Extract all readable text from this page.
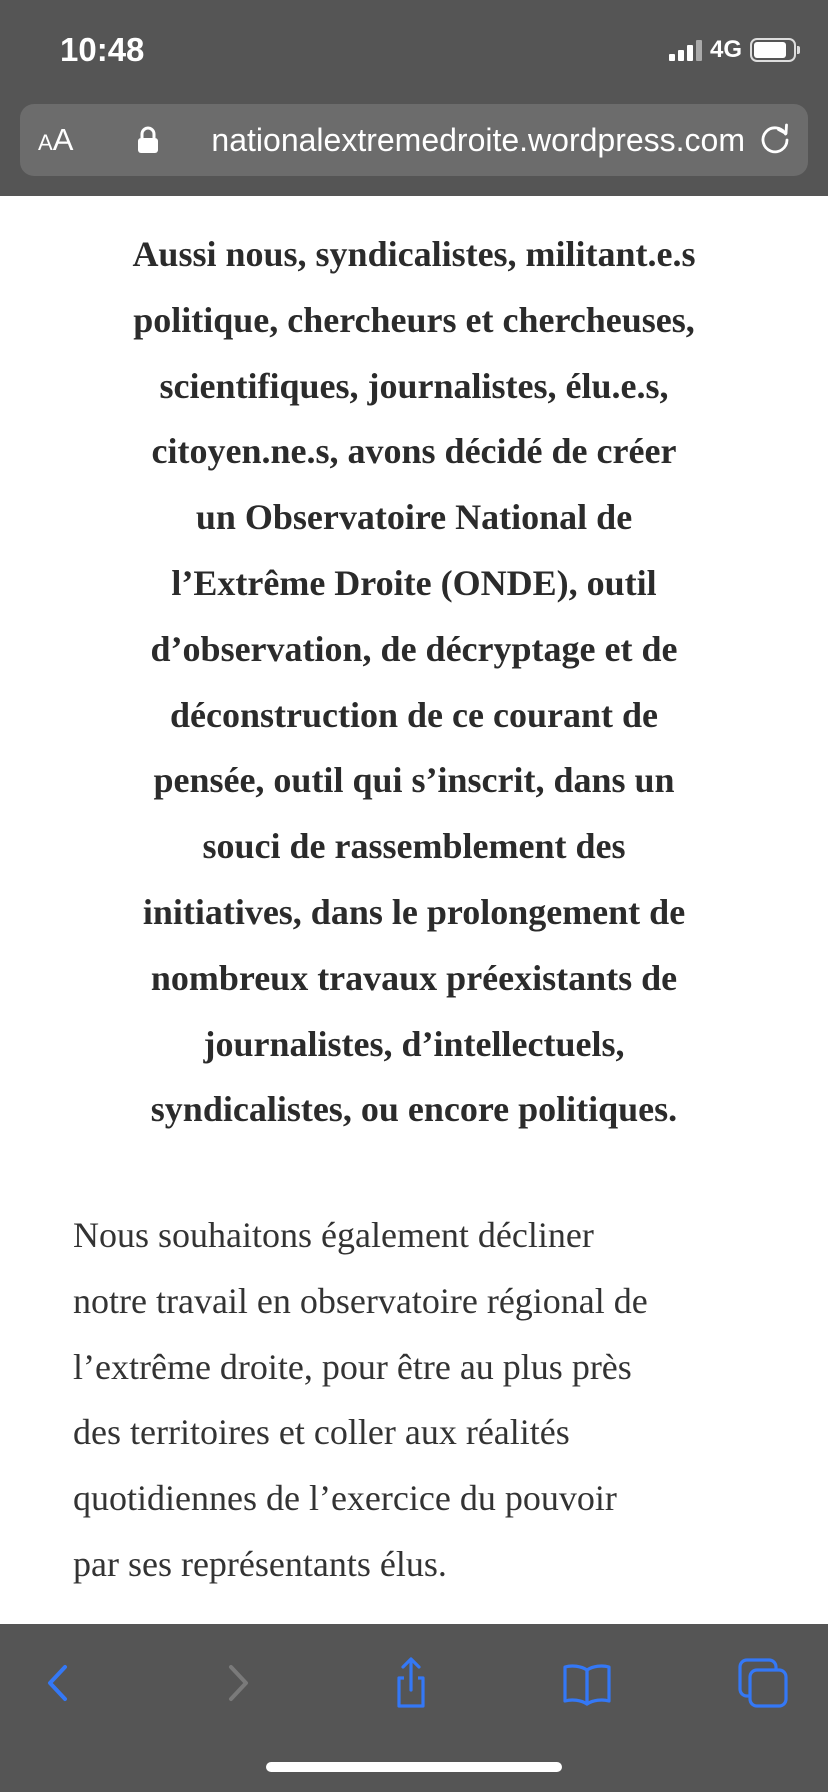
10:48	4G
A A	nationalextremedroite.wordpress.com

Aussi nous, syndicalistes, militant.e.s
politique, chercheurs et chercheuses,
scientifiques, journalistes, élu.e.s,
citoyen.ne.s, avons décidé de créer
un Observatoire National de
l’Extrême Droite (ONDE), outil
d’observation, de décryptage et de
déconstruction de ce courant de
pensée, outil qui s’inscrit, dans un
souci de rassemblement des
initiatives, dans le prolongement de
nombreux travaux préexistants de
journalistes, d’intellectuels,
syndicalistes, ou encore politiques.

Nous souhaitons également décliner
notre travail en observatoire régional de
l’extrême droite, pour être au plus près
des territoires et coller aux réalités
quotidiennes de l’exercice du pouvoir
par ses représentants élus.
